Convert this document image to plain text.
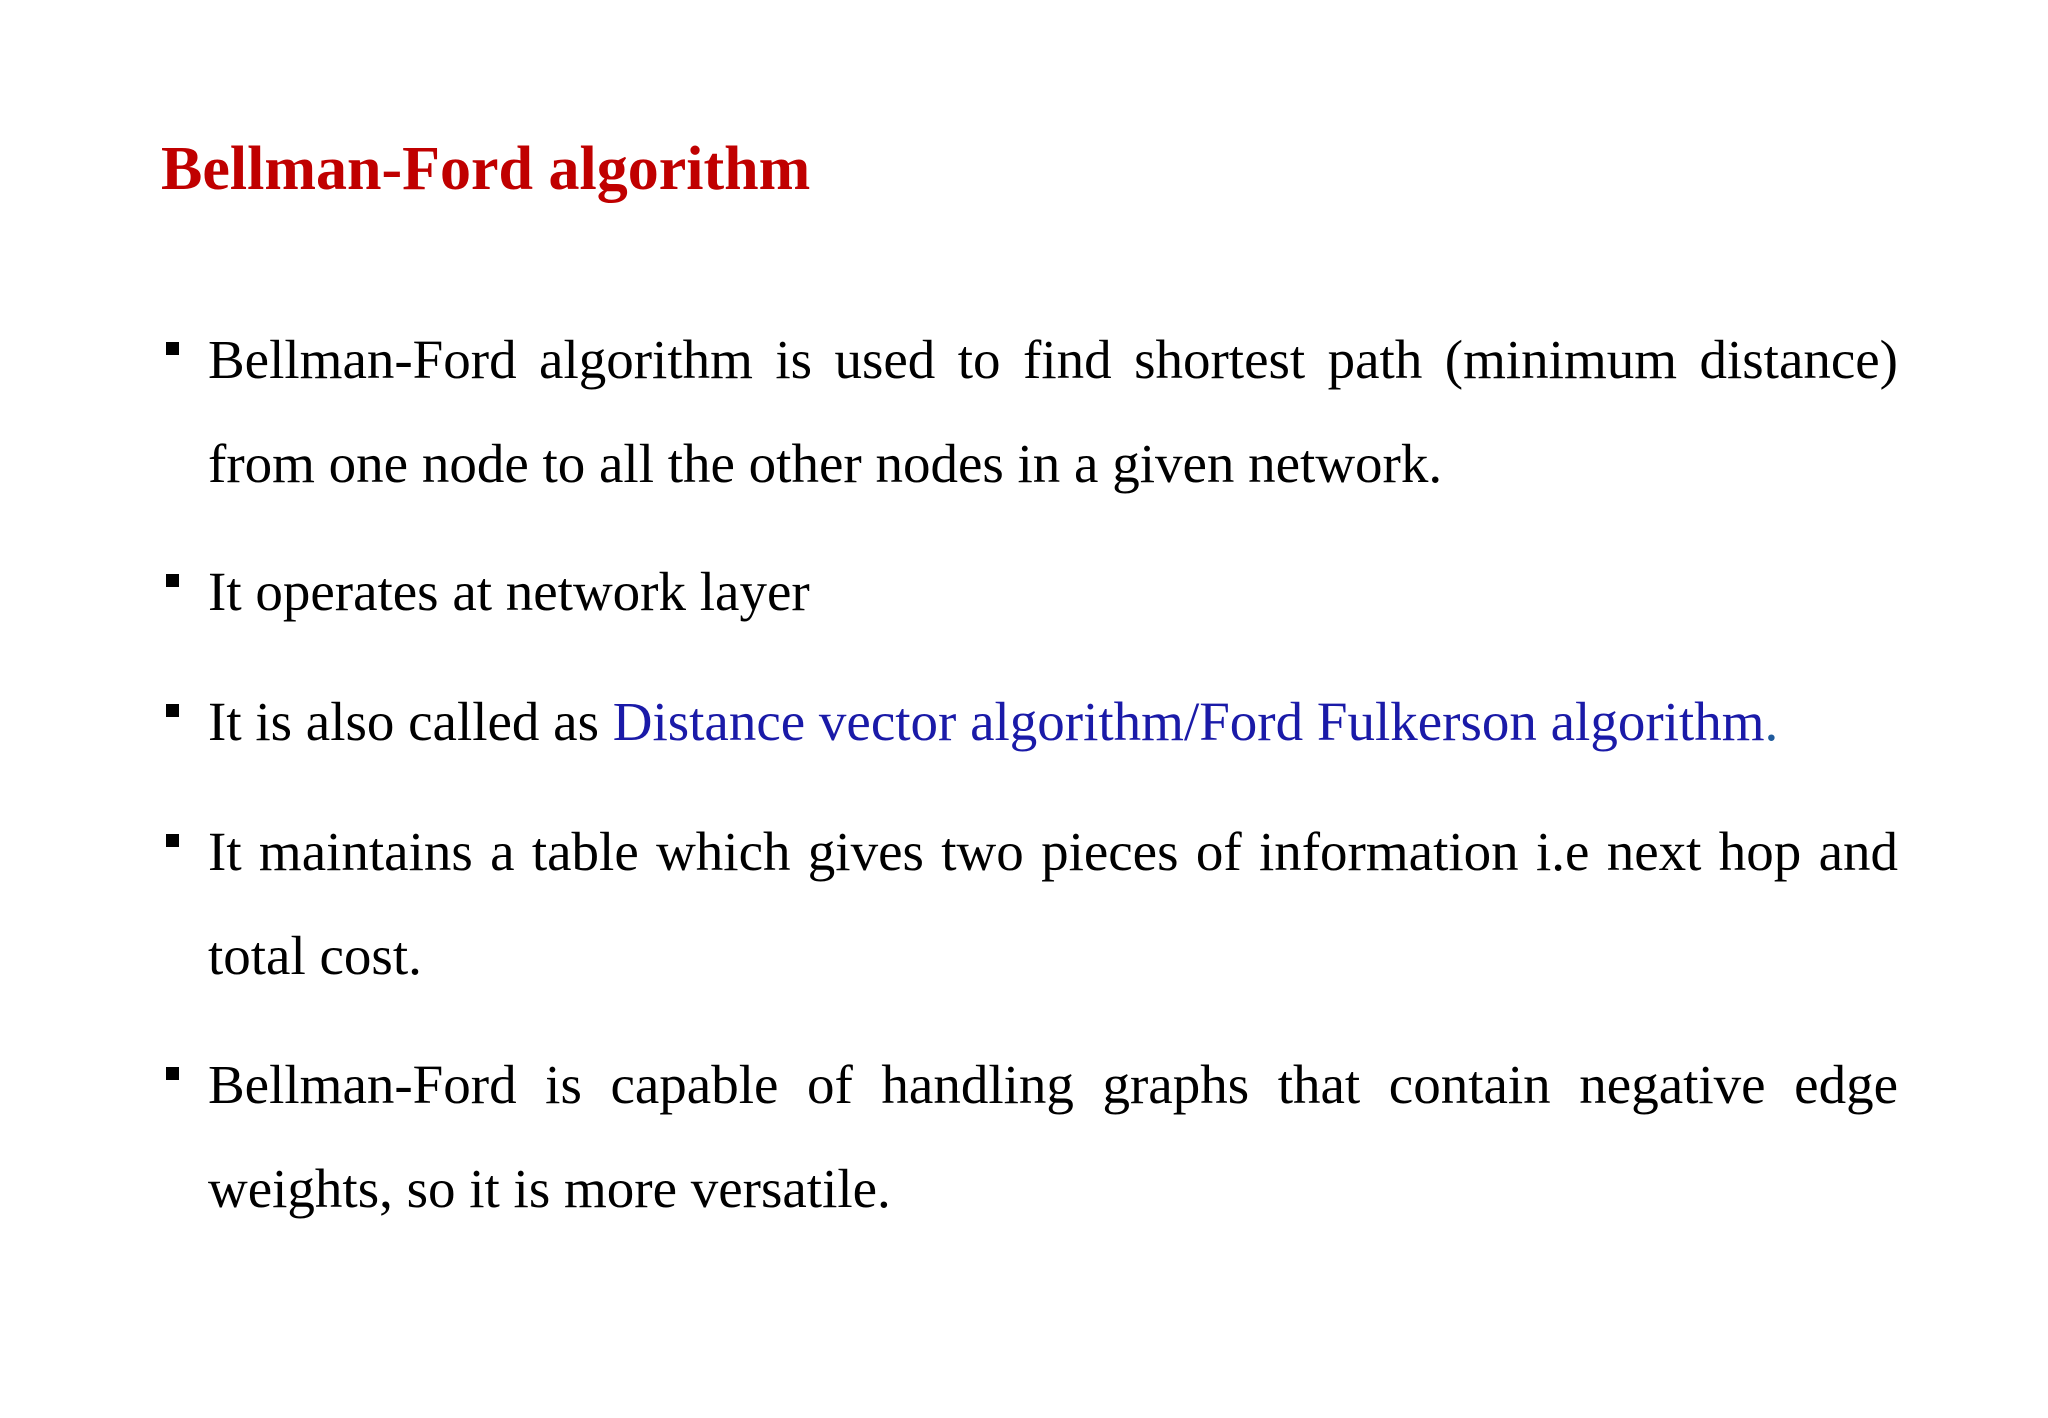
Bellman-Ford algorithm
Bellman-Ford algorithm is used to find shortest path (minimum distance) from one node to all the other nodes in a given network.
It operates at network layer
It is also called as Distance vector algorithm/Ford Fulkerson algorithm.
It maintains a table which gives two pieces of information i.e next hop and total cost.
Bellman-Ford is capable of handling graphs that contain negative edge weights, so it is more versatile.
